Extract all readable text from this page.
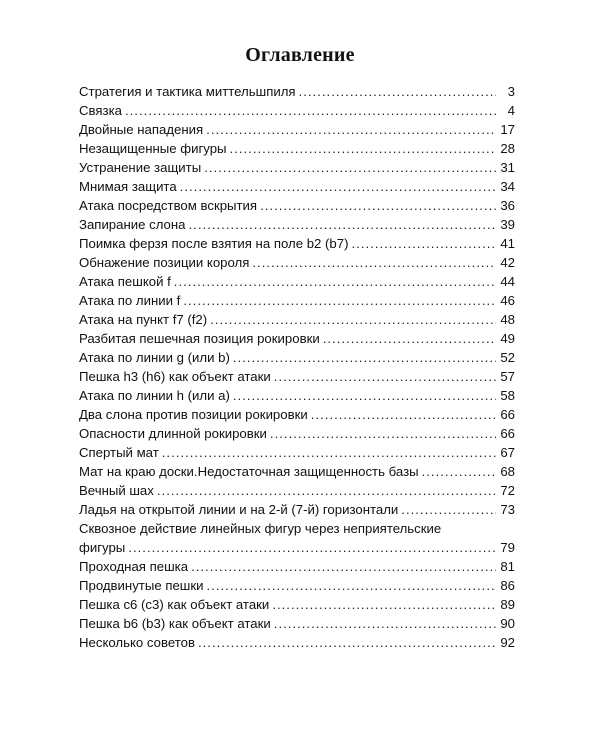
Оглавление
Стратегия и тактика миттельшпиля .....	3
Связка .....	4
Двойные нападения .....	17
Незащищенные фигуры .....	28
Устранение защиты .....	31
Мнимая защита .....	34
Атака посредством вскрытия .....	36
Запирание слона .....	39
Поимка ферзя после взятия на поле b2 (b7) .....	41
Обнажение позиции короля .....	42
Атака пешкой f .....	44
Атака по линии f .....	46
Атака на пункт f7 (f2) .....	48
Разбитая пешечная позиция рокировки .....	49
Атака по линии g (или b) .....	52
Пешка h3 (h6) как объект атаки .....	57
Атака по линии h (или a) .....	58
Два слона против позиции рокировки .....	66
Опасности длинной рокировки .....	66
Спертый мат .....	67
Мат на краю доски.Недостаточная защищенность базы .....	68
Вечный шах .....	72
Ладья на открытой линии и на 2-й (7-й) горизонтали .....	73
Сквозное действие линейных фигур через неприятельские
фигуры .....	79
Проходная пешка .....	81
Продвинутые пешки .....	86
Пешка c6 (c3) как объект атаки .....	89
Пешка b6 (b3) как объект атаки .....	90
Несколько советов .....	92
